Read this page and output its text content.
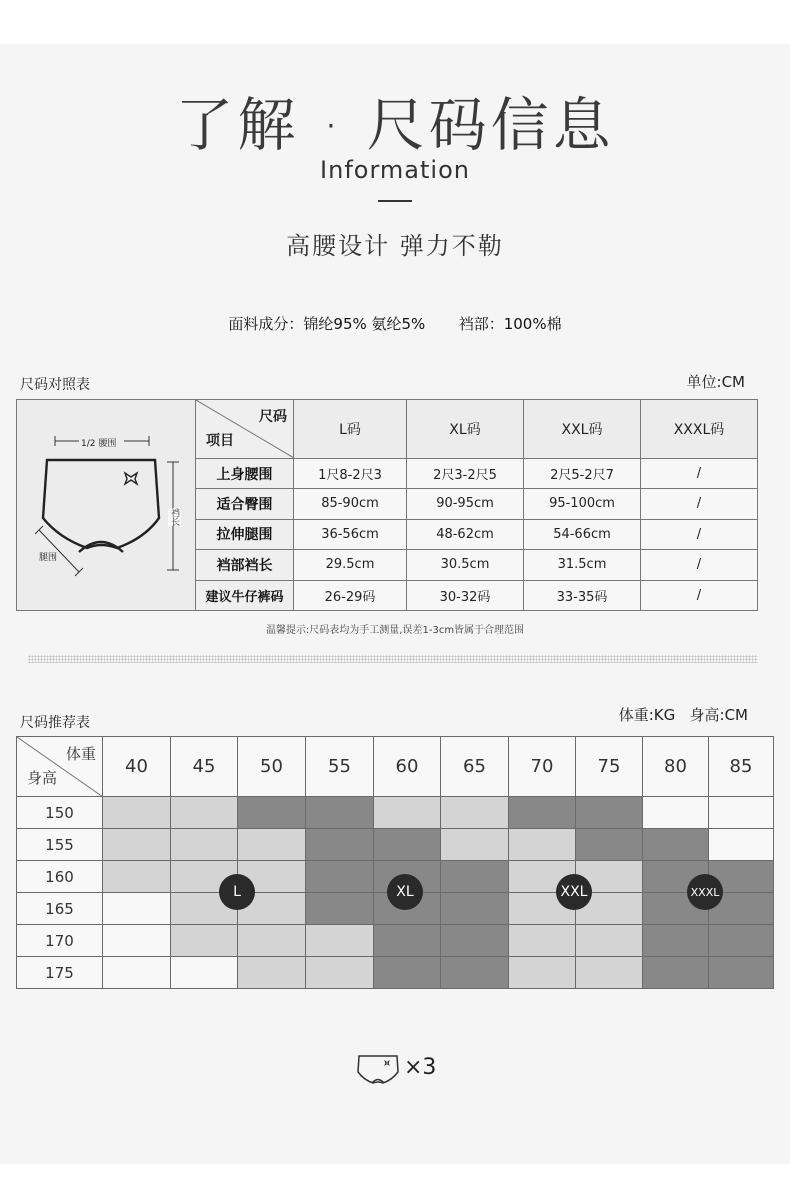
了解 · 尺码信息
Information
高腰设计 弹力不勒
面料成分：锦纶95% 氨纶5% 裆部：100%棉
尺码对照表	单位:CM
1/2 腰围
裆长
腿围	尺码
项目	L码	XL码	XXL码	XXXL码
	上身腰围	1尺8-2尺3	2尺3-2尺5	2尺5-2尺7	/
	适合臀围	85-90cm	90-95cm	95-100cm	/
	拉伸腿围	36-56cm	48-62cm	54-66cm	/
	裆部裆长	29.5cm	30.5cm	31.5cm	/
	建议牛仔裤码	26-29码	30-32码	33-35码	/
温馨提示:尺码表均为手工测量,误差1-3cm皆属于合理范围
尺码推荐表	体重:KG   身高:CM
体重
身高	40	45	50	55	60	65	70	75	80	85
150										
155										
160										
165										
170										
175										
L	XL	XXL	XXXL
×3
